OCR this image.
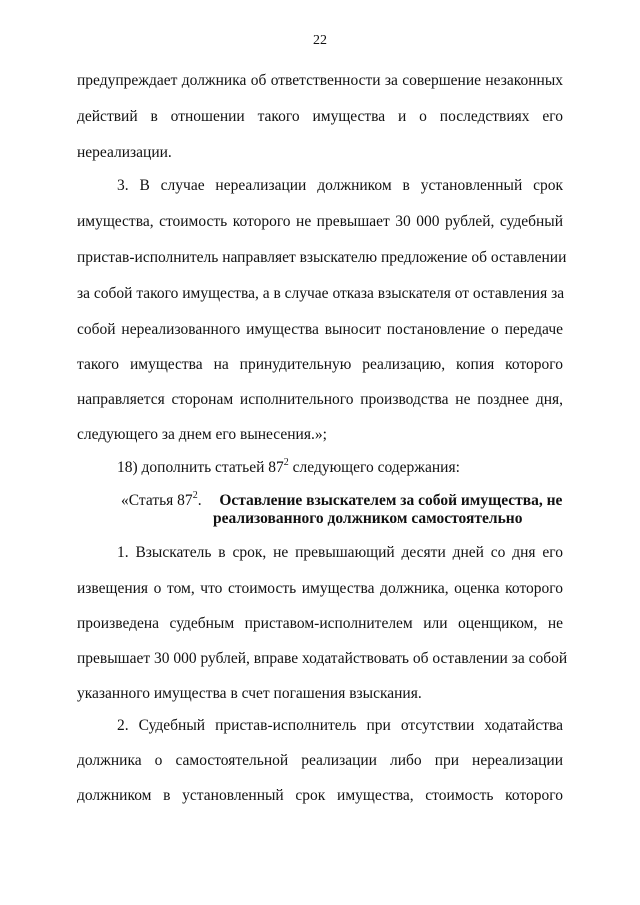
22
предупреждает должника об ответственности за совершение незаконных
действий в отношении такого имущества и о последствиях его
нереализации.
3. В случае нереализации должником в установленный срок
имущества, стоимость которого не превышает 30 000 рублей, судебный
пристав-исполнитель направляет взыскателю предложение об оставлении
за собой такого имущества, а в случае отказа взыскателя от оставления за
собой нереализованного имущества выносит постановление о передаче
такого имущества на принудительную реализацию, копия которого
направляется сторонам исполнительного производства не позднее дня,
следующего за днем его вынесения.»;
18) дополнить статьей $87^2$ следующего содержания:
«Статья $87^2$. Оставление взыскателем за собой имущества, не
реализованного должником самостоятельно
1. Взыскатель в срок, не превышающий десяти дней со дня его
извещения о том, что стоимость имущества должника, оценка которого
произведена судебным приставом-исполнителем или оценщиком, не
превышает 30 000 рублей, вправе ходатайствовать об оставлении за собой
указанного имущества в счет погашения взыскания.
2. Судебный пристав-исполнитель при отсутствии ходатайства
должника о самостоятельной реализации либо при нереализации
должником в установленный срок имущества, стоимость которого
